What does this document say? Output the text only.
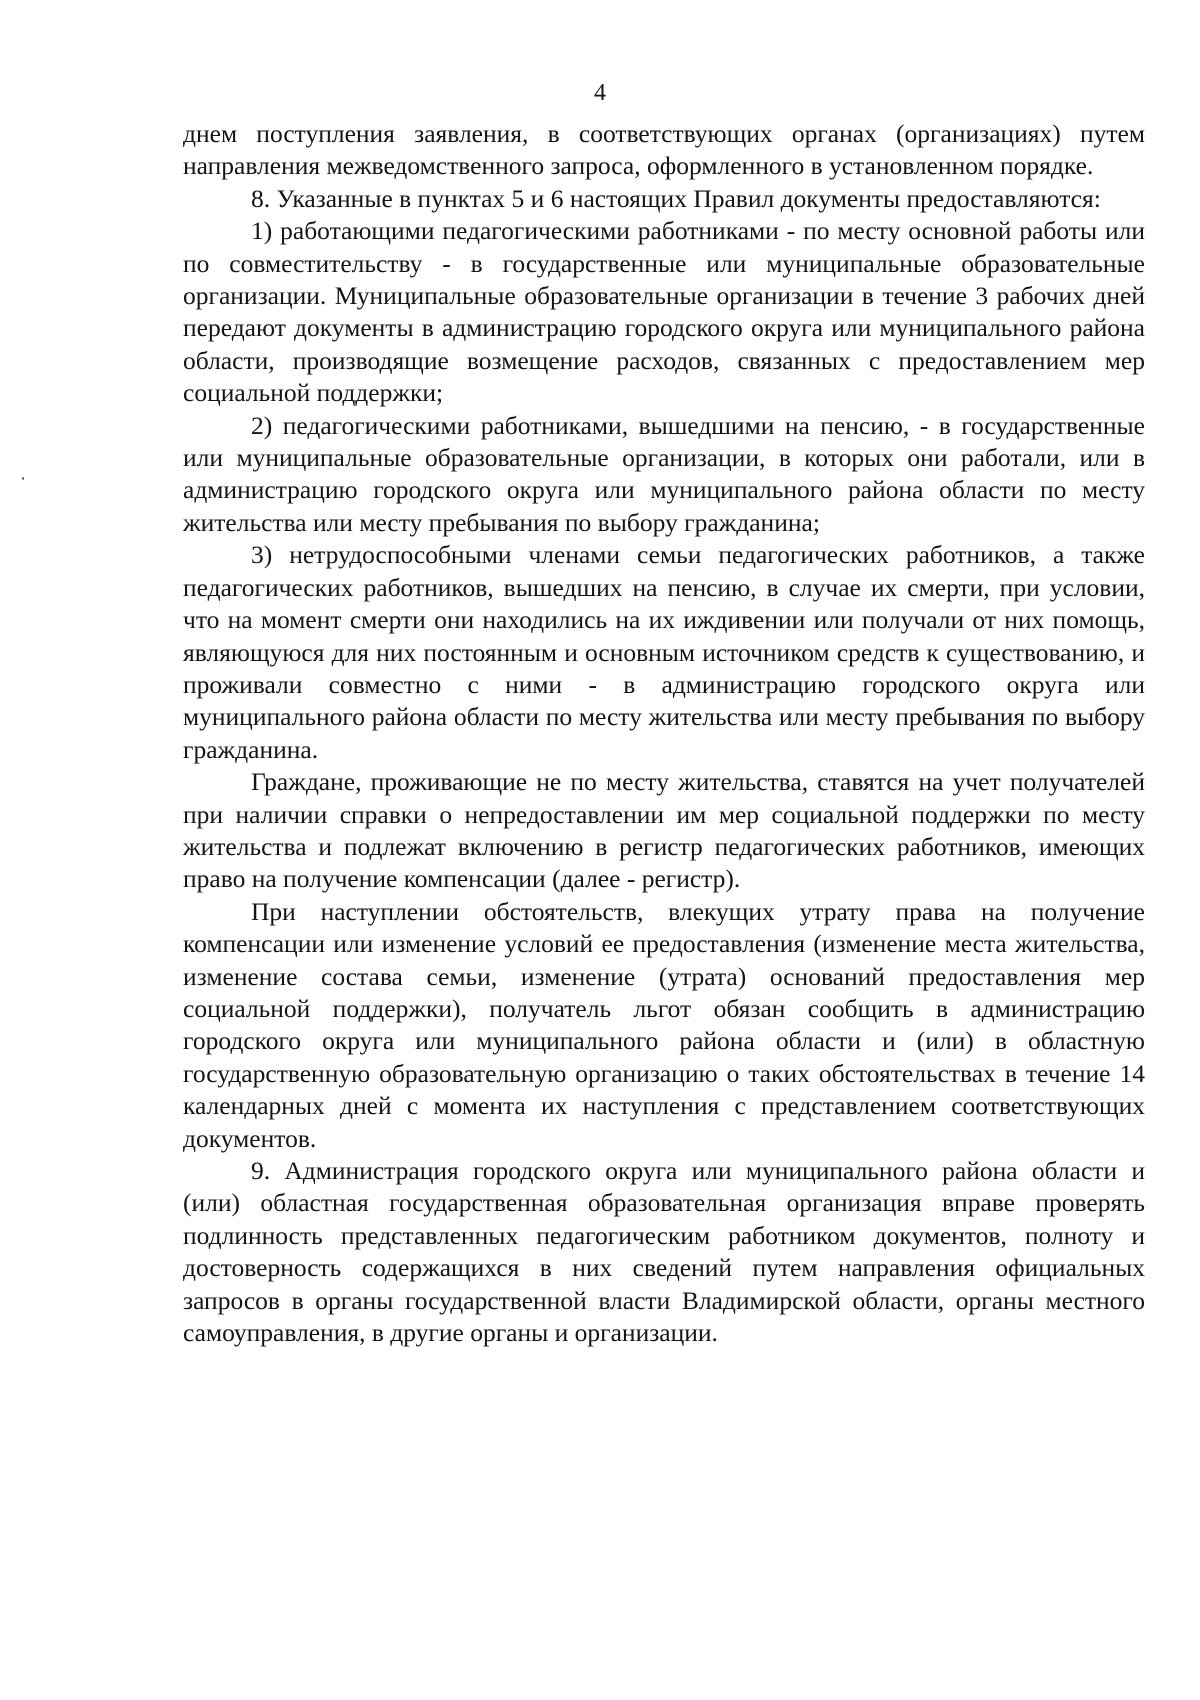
4

днем поступления заявления, в соответствующих органах (организациях) путем направления межведомственного запроса, оформленного в установленном порядке.

8. Указанные в пунктах 5 и 6 настоящих Правил документы предоставляются:

1) работающими педагогическими работниками - по месту основной работы или по совместительству - в государственные или муниципальные образовательные организации. Муниципальные образовательные организации в течение 3 рабочих дней передают документы в администрацию городского округа или муниципального района области, производящие возмещение расходов, связанных с предоставлением мер социальной поддержки;

2) педагогическими работниками, вышедшими на пенсию, - в государственные или муниципальные образовательные организации, в которых они работали, или в администрацию городского округа или муниципального района области по месту жительства или месту пребывания по выбору гражданина;

3) нетрудоспособными членами семьи педагогических работников, а также педагогических работников, вышедших на пенсию, в случае их смерти, при условии, что на момент смерти они находились на их иждивении или получали от них помощь, являющуюся для них постоянным и основным источником средств к существованию, и проживали совместно с ними - в администрацию городского округа или муниципального района области по месту жительства или месту пребывания по выбору гражданина.

Граждане, проживающие не по месту жительства, ставятся на учет получателей при наличии справки о непредоставлении им мер социальной поддержки по месту жительства и подлежат включению в регистр педагогических работников, имеющих право на получение компенсации (далее - регистр).

При наступлении обстоятельств, влекущих утрату права на получение компенсации или изменение условий ее предоставления (изменение места жительства, изменение состава семьи, изменение (утрата) оснований предоставления мер социальной поддержки), получатель льгот обязан сообщить в администрацию городского округа или муниципального района области и (или) в областную государственную образовательную организацию о таких обстоятельствах в течение 14 календарных дней с момента их наступления с представлением соответствующих документов.

9. Администрация городского округа или муниципального района области и (или) областная государственная образовательная организация вправе проверять подлинность представленных педагогическим работником документов, полноту и достоверность содержащихся в них сведений путем направления официальных запросов в органы государственной власти Владимирской области, органы местного самоуправления, в другие органы и организации.
